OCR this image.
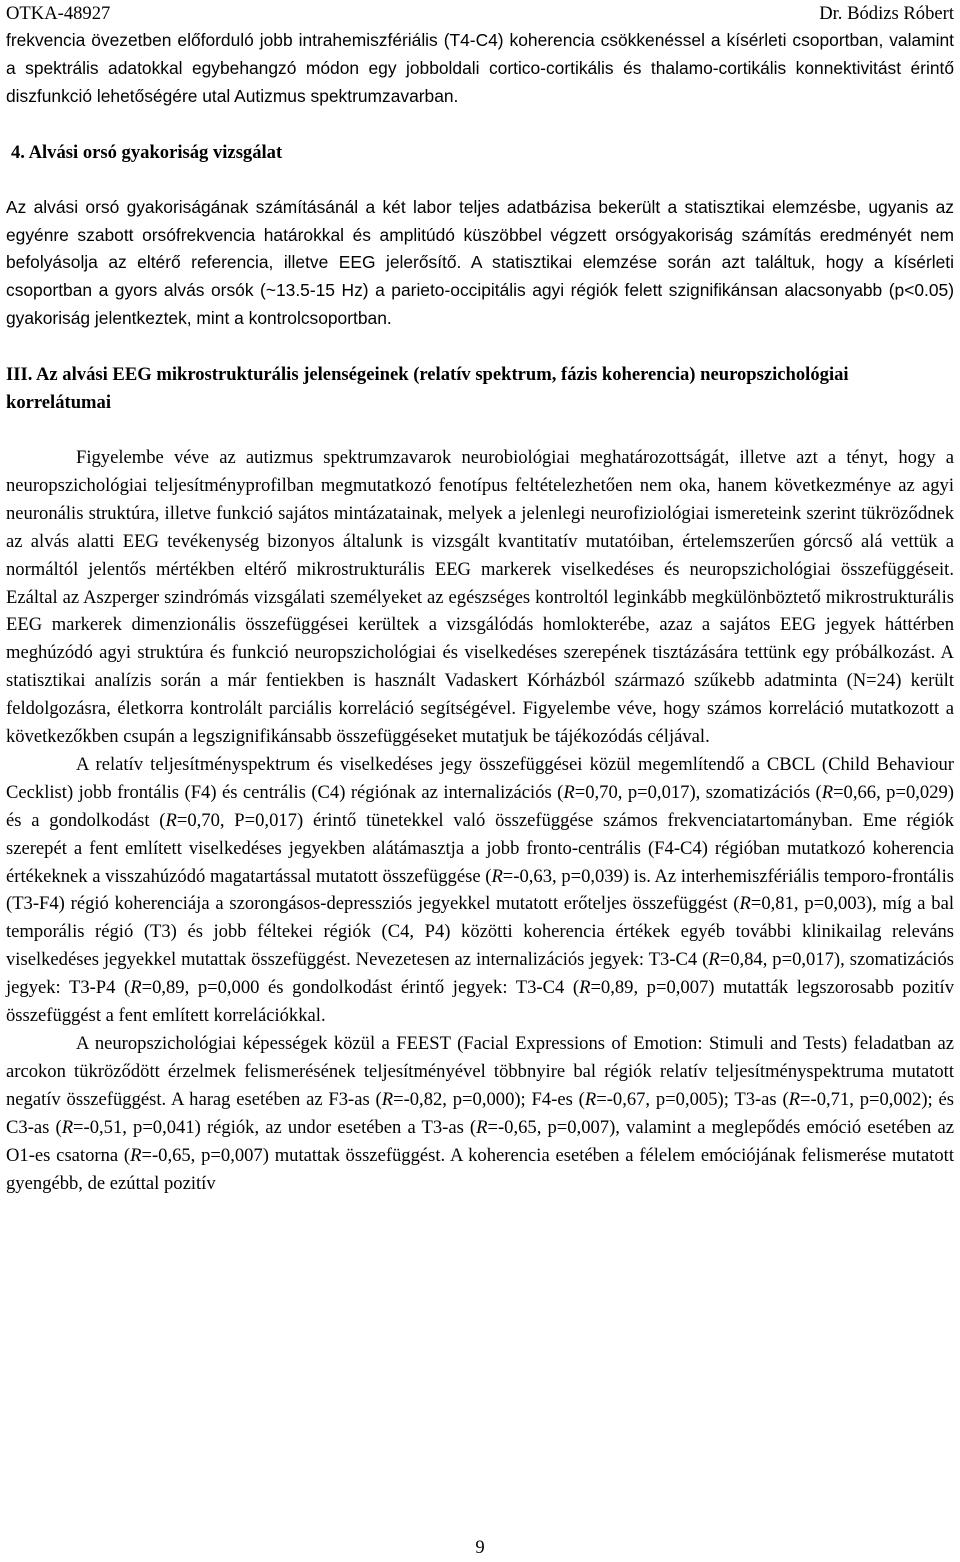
OTKA-48927	Dr. Bódizs Róbert

frekvencia övezetben előforduló jobb intrahemiszfériális (T4-C4) koherencia csökkenéssel a kísérleti csoportban, valamint a spektrális adatokkal egybehangzó módon egy jobboldali cortico-cortikális és thalamo-cortikális konnektivitást érintő diszfunkció lehetőségére utal Autizmus spektrumzavarban.

4. Alvási orsó gyakoriság vizsgálat

Az alvási orsó gyakoriságának számításánál a két labor teljes adatbázisa bekerült a statisztikai elemzésbe, ugyanis az egyénre szabott orsófrekvencia határokkal és amplitúdó küszöbbel végzett orsógyakoriság számítás eredményét nem befolyásolja az eltérő referencia, illetve EEG jelerősítő. A statisztikai elemzése során azt találtuk, hogy a kísérleti csoportban a gyors alvás orsók (~13.5-15 Hz) a parieto-occipitális agyi régiók felett szignifikánsan alacsonyabb (p<0.05) gyakoriság jelentkeztek, mint a kontrolcsoportban.

III. Az alvási EEG mikrostrukturális jelenségeinek (relatív spektrum, fázis koherencia) neuropszichológiai korrelátumai

Figyelembe véve az autizmus spektrumzavarok neurobiológiai meghatározottságát, illetve azt a tényt, hogy a neuropszichológiai teljesítményprofilban megmutatkozó fenotípus feltételezhetően nem oka, hanem következménye az agyi neuronális struktúra, illetve funkció sajátos mintázatainak, melyek a jelenlegi neurofiziológiai ismereteink szerint tükröződnek az alvás alatti EEG tevékenység bizonyos általunk is vizsgált kvantitatív mutatóiban, értelemszerűen górcső alá vettük a normáltól jelentős mértékben eltérő mikrostrukturális EEG markerek viselkedéses és neuropszichológiai összefüggéseit. Ezáltal az Aszperger szindrómás vizsgálati személyeket az egészséges kontroltól leginkább megkülönböztető mikrostrukturális EEG markerek dimenzionális összefüggései kerültek a vizsgálódás homlokterébe, azaz a sajátos EEG jegyek háttérben meghúzódó agyi struktúra és funkció neuropszichológiai és viselkedéses szerepének tisztázására tettünk egy próbálkozást. A statisztikai analízis során a már fentiekben is használt Vadaskert Kórházból származó szűkebb adatminta (N=24) került feldolgozásra, életkorra kontrolált parciális korreláció segítségével. Figyelembe véve, hogy számos korreláció mutatkozott a következőkben csupán a legszignifikánsabb összefüggéseket mutatjuk be tájékozódás céljával.

A relatív teljesítményspektrum és viselkedéses jegy összefüggései közül megemlítendő a CBCL (Child Behaviour Cecklist) jobb frontális (F4) és centrális (C4) régiónak az internalizációs (R=0,70, p=0,017), szomatizációs (R=0,66, p=0,029) és a gondolkodást (R=0,70, P=0,017) érintő tünetekkel való összefüggése számos frekvenciatartományban. Eme régiók szerepét a fent említett viselkedéses jegyekben alátámasztja a jobb fronto-centrális (F4-C4) régióban mutatkozó koherencia értékeknek a visszahúzódó magatartással mutatott összefüggése (R=-0,63, p=0,039) is. Az interhemiszfériális temporo-frontális (T3-F4) régió koherenciája a szorongásos-depressziós jegyekkel mutatott erőteljes összefüggést (R=0,81, p=0,003), míg a bal temporális régió (T3) és jobb féltekei régiók (C4, P4) közötti koherencia értékek egyéb további klinikailag releváns viselkedéses jegyekkel mutattak összefüggést. Nevezetesen az internalizációs jegyek: T3-C4 (R=0,84, p=0,017), szomatizációs jegyek: T3-P4 (R=0,89, p=0,000 és gondolkodást érintő jegyek: T3-C4 (R=0,89, p=0,007) mutatták legszorosabb pozitív összefüggést a fent említett korrelációkkal.

A neuropszichológiai képességek közül a FEEST (Facial Expressions of Emotion: Stimuli and Tests) feladatban az arcokon tükröződött érzelmek felismerésének teljesítményével többnyire bal régiók relatív teljesítményspektruma mutatott negatív összefüggést. A harag esetében az F3-as (R=-0,82, p=0,000); F4-es (R=-0,67, p=0,005); T3-as (R=-0,71, p=0,002); és C3-as (R=-0,51, p=0,041) régiók, az undor esetében a T3-as (R=-0,65, p=0,007), valamint a meglepődés emóció esetében az O1-es csatorna (R=-0,65, p=0,007) mutattak összefüggést. A koherencia esetében a félelem emóciójának felismerése mutatott gyengébb, de ezúttal pozitív

9
